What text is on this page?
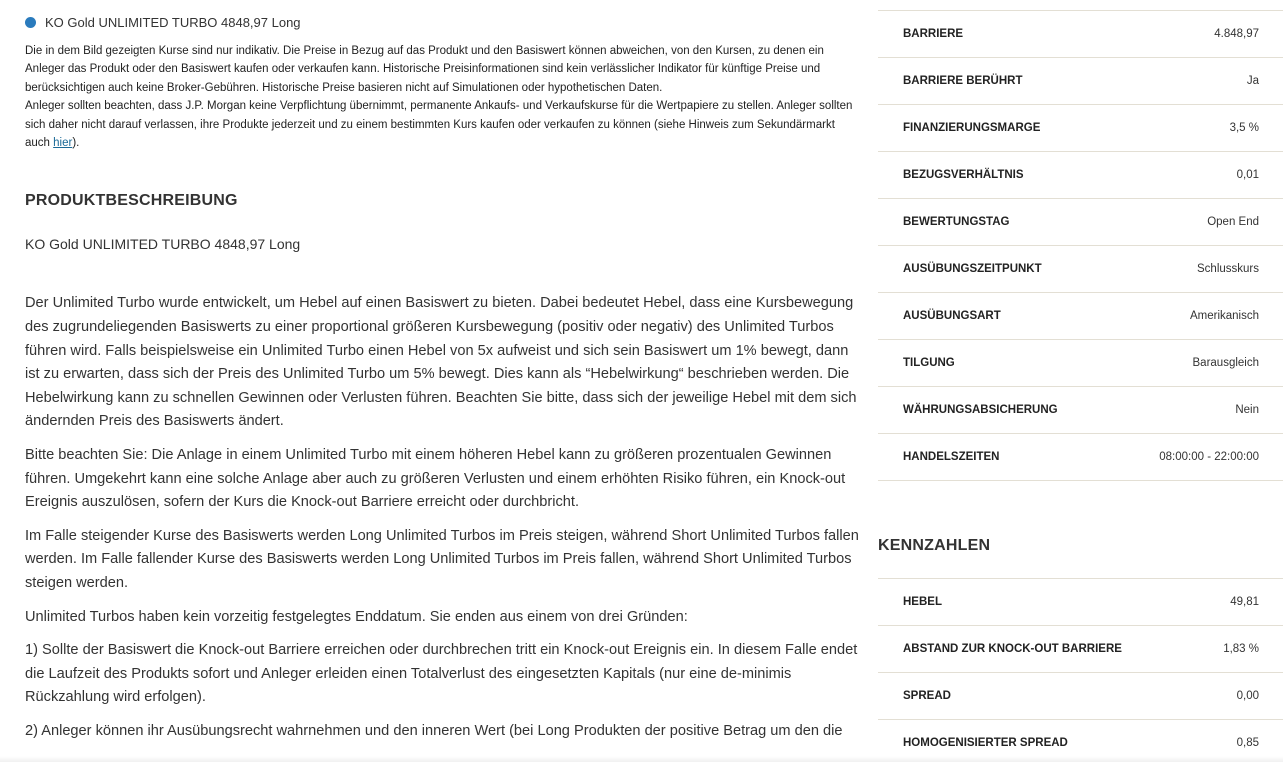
KO Gold UNLIMITED TURBO 4848,97 Long
Die in dem Bild gezeigten Kurse sind nur indikativ. Die Preise in Bezug auf das Produkt und den Basiswert können abweichen, von den Kursen, zu denen ein Anleger das Produkt oder den Basiswert kaufen oder verkaufen kann. Historische Preisinformationen sind kein verlässlicher Indikator für künftige Preise und berücksichtigen auch keine Broker-Gebühren. Historische Preise basieren nicht auf Simulationen oder hypothetischen Daten.
Anleger sollten beachten, dass J.P. Morgan keine Verpflichtung übernimmt, permanente Ankaufs- und Verkaufskurse für die Wertpapiere zu stellen. Anleger sollten sich daher nicht darauf verlassen, ihre Produkte jederzeit und zu einem bestimmten Kurs kaufen oder verkaufen zu können (siehe Hinweis zum Sekundärmarkt auch hier).
PRODUKTBESCHREIBUNG
KO Gold UNLIMITED TURBO 4848,97 Long

Der Unlimited Turbo wurde entwickelt, um Hebel auf einen Basiswert zu bieten. Dabei bedeutet Hebel, dass eine Kursbewegung des zugrundeliegenden Basiswerts zu einer proportional größeren Kursbewegung (positiv oder negativ) des Unlimited Turbos führen wird. Falls beispielsweise ein Unlimited Turbo einen Hebel von 5x aufweist und sich sein Basiswert um 1% bewegt, dann ist zu erwarten, dass sich der Preis des Unlimited Turbo um 5% bewegt. Dies kann als “Hebelwirkung“ beschrieben werden. Die Hebelwirkung kann zu schnellen Gewinnen oder Verlusten führen. Beachten Sie bitte, dass sich der jeweilige Hebel mit dem sich ändernden Preis des Basiswerts ändert.

Bitte beachten Sie: Die Anlage in einem Unlimited Turbo mit einem höheren Hebel kann zu größeren prozentualen Gewinnen führen. Umgekehrt kann eine solche Anlage aber auch zu größeren Verlusten und einem erhöhten Risiko führen, ein Knock-out Ereignis auszulösen, sofern der Kurs die Knock-out Barriere erreicht oder durchbricht.

Im Falle steigender Kurse des Basiswerts werden Long Unlimited Turbos im Preis steigen, während Short Unlimited Turbos fallen werden. Im Falle fallender Kurse des Basiswerts werden Long Unlimited Turbos im Preis fallen, während Short Unlimited Turbos steigen werden.

Unlimited Turbos haben kein vorzeitig festgelegtes Enddatum. Sie enden aus einem von drei Gründen:

1) Sollte der Basiswert die Knock-out Barriere erreichen oder durchbrechen tritt ein Knock-out Ereignis ein. In diesem Falle endet die Laufzeit des Produkts sofort und Anleger erleiden einen Totalverlust des eingesetzten Kapitals (nur eine de-minimis Rückzahlung wird erfolgen).

2) Anleger können ihr Ausübungsrecht wahrnehmen und den inneren Wert (bei Long Produkten der positive Betrag um den die

BARRIERE	4.848,97
BARRIERE BERÜHRT	Ja
FINANZIERUNGSMARGE	3,5 %
BEZUGSVERHÄLTNIS	0,01
BEWERTUNGSTAG	Open End
AUSÜBUNGSZEITPUNKT	Schlusskurs
AUSÜBUNGSART	Amerikanisch
TILGUNG	Barausgleich
WÄHRUNGSABSICHERUNG	Nein
HANDELSZEITEN	08:00:00 - 22:00:00
KENNZAHLEN
HEBEL	49,81
ABSTAND ZUR KNOCK-OUT BARRIERE	1,83 %
SPREAD	0,00
HOMOGENISIERTER SPREAD	0,85
